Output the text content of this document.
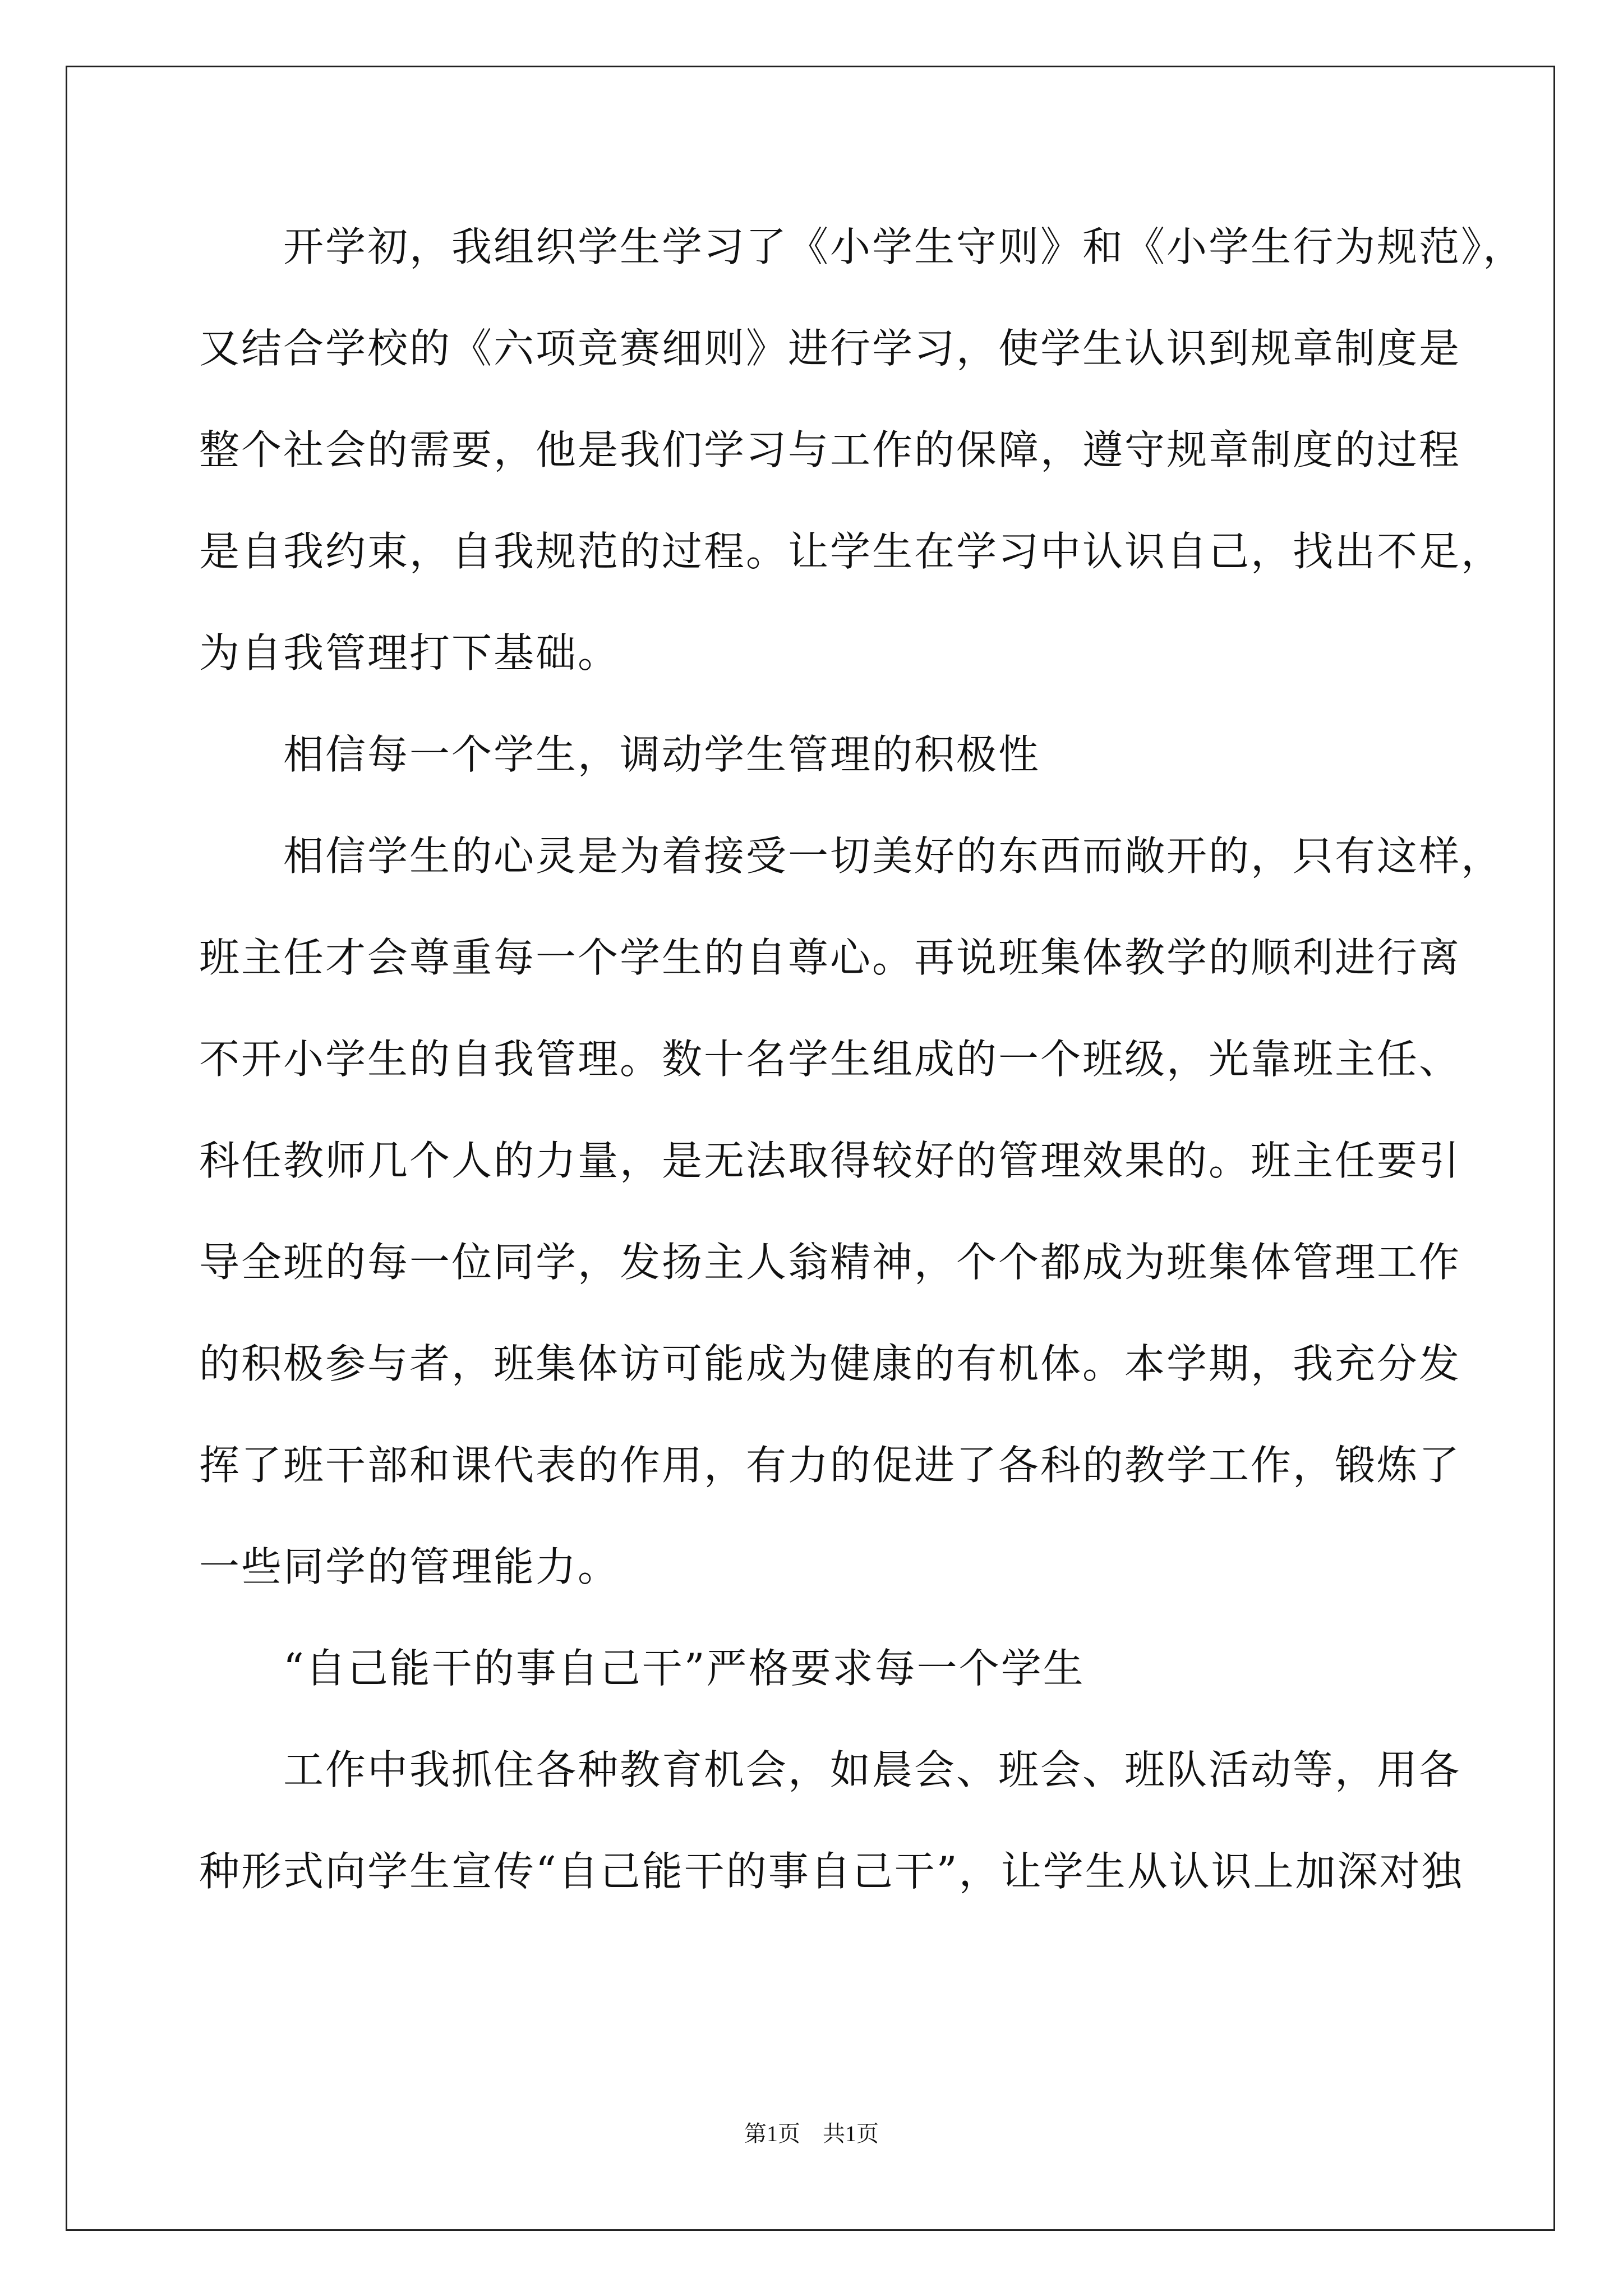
开学初，我组织学生学习了《小学生守则》和《小学生行为规范》，
又结合学校的《六项竞赛细则》进行学习，使学生认识到规章制度是
整个社会的需要，他是我们学习与工作的保障，遵守规章制度的过程
是自我约束，自我规范的过程。让学生在学习中认识自己，找出不足，
为自我管理打下基础。
相信每一个学生，调动学生管理的积极性
相信学生的心灵是为着接受一切美好的东西而敞开的，只有这样，
班主任才会尊重每一个学生的自尊心。再说班集体教学的顺利进行离
不开小学生的自我管理。数十名学生组成的一个班级，光靠班主任、
科任教师几个人的力量，是无法取得较好的管理效果的。班主任要引
导全班的每一位同学，发扬主人翁精神，个个都成为班集体管理工作
的积极参与者，班集体访可能成为健康的有机体。本学期，我充分发
挥了班干部和课代表的作用，有力的促进了各科的教学工作，锻炼了
一些同学的管理能力。
“自己能干的事自己干”严格要求每一个学生
工作中我抓住各种教育机会，如晨会、班会、班队活动等，用各
种形式向学生宣传“自己能干的事自己干”，让学生从认识上加深对独
第1页　共1页
